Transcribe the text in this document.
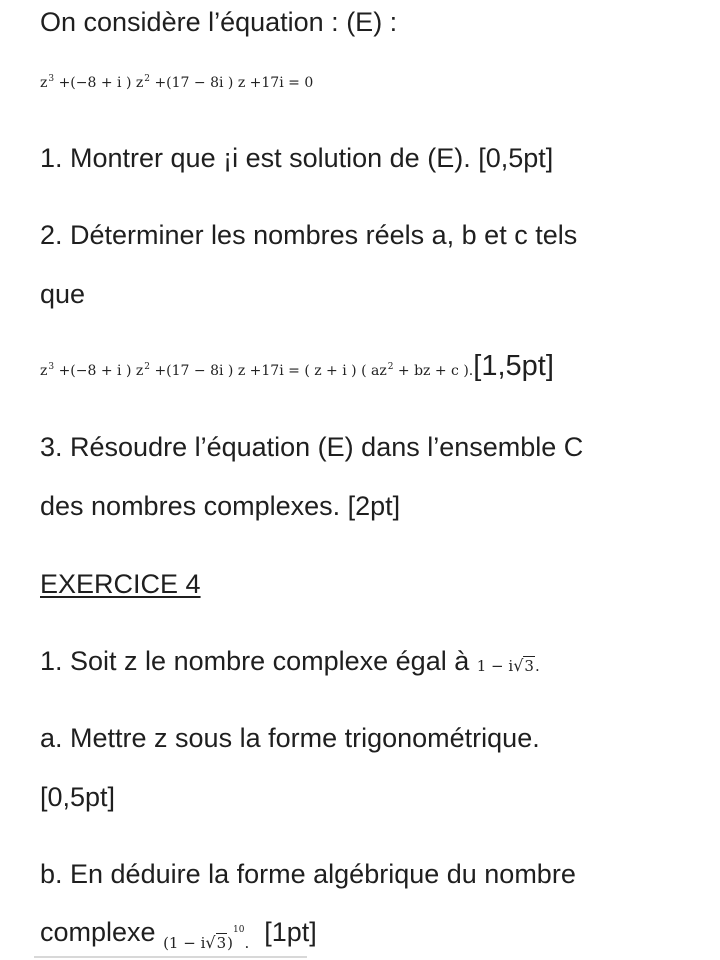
On considère l’équation : (E) :
$z^3 +(-8 + i$ ) $z^2 +(17 - 8i$ ) z +17i = 0
1. Montrer que ¡i est solution de (E). [0,5pt]
2. Déterminer les nombres réels a, b et c tels
que
$z^3 +(-8 + i$ ) $z^2 +(17 - 8i$ ) z +17i = ( z + i ) ( $az^2$ + bz + c ).[1,5pt]
3. Résoudre l’équation (E) dans l’ensemble C
des nombres complexes. [2pt]
EXERCICE 4
1. Soit z le nombre complexe égal à 1 − i√3.
a. Mettre z sous la forme trigonométrique.
[0,5pt]
b. En déduire la forme algébrique du nombre
complexe $_{(1 - i√3)^{10}.}$ [1pt]
